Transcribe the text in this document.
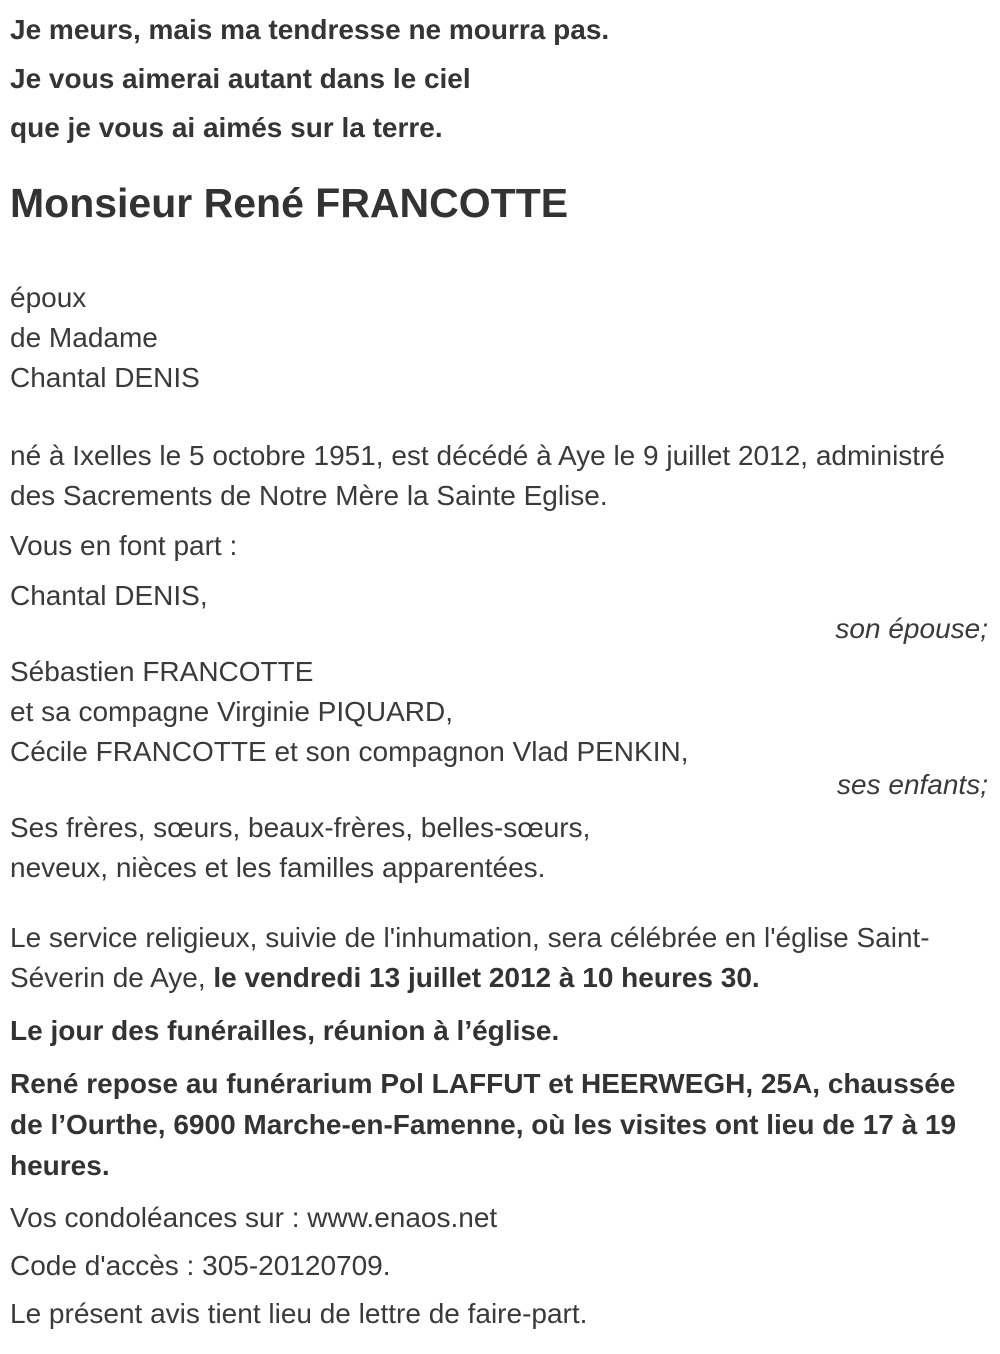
Je meurs, mais ma tendresse ne mourra pas.

Je vous aimerai autant dans le ciel

que je vous ai aimés sur la terre.

Monsieur René FRANCOTTE

époux

de Madame

Chantal DENIS

né à Ixelles le 5 octobre 1951, est décédé à Aye le 9 juillet 2012, administré des Sacrements de Notre Mère la Sainte Eglise.

Vous en font part :

Chantal DENIS,

son épouse;

Sébastien FRANCOTTE

et sa compagne Virginie PIQUARD,

Cécile FRANCOTTE et son compagnon Vlad PENKIN,

ses enfants;

Ses frères, sœurs, beaux-frères, belles-sœurs,

neveux, nièces et les familles apparentées.

Le service religieux, suivie de l'inhumation, sera célébrée en l'église Saint-Séverin de Aye, le vendredi 13 juillet 2012 à 10 heures 30.

Le jour des funérailles, réunion à l’église.

René repose au funérarium Pol LAFFUT et HEERWEGH, 25A, chaussée de l’Ourthe, 6900 Marche-en-Famenne, où les visites ont lieu de 17 à 19 heures.

Vos condoléances sur : www.enaos.net

Code d'accès : 305-20120709.

Le présent avis tient lieu de lettre de faire-part.
